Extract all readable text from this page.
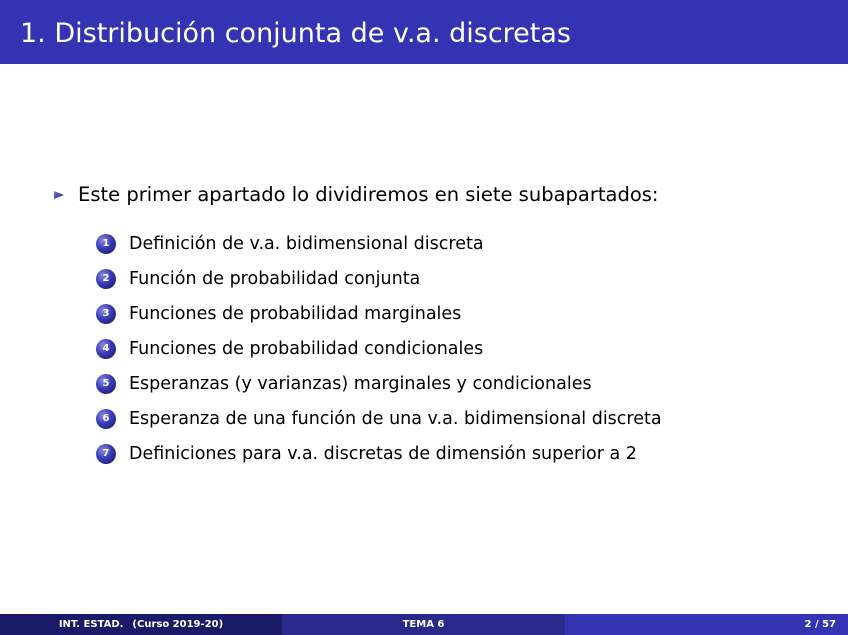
1. Distribución conjunta de v.a. discretas
Este primer apartado lo dividiremos en siete subapartados:
1	Definición de v.a. bidimensional discreta
2	Función de probabilidad conjunta
3	Funciones de probabilidad marginales
4	Funciones de probabilidad condicionales
5	Esperanzas (y varianzas) marginales y condicionales
6	Esperanza de una función de una v.a. bidimensional discreta
7	Definiciones para v.a. discretas de dimensión superior a 2
INT. ESTAD. (Curso 2019-20)	TEMA 6	2 / 57
